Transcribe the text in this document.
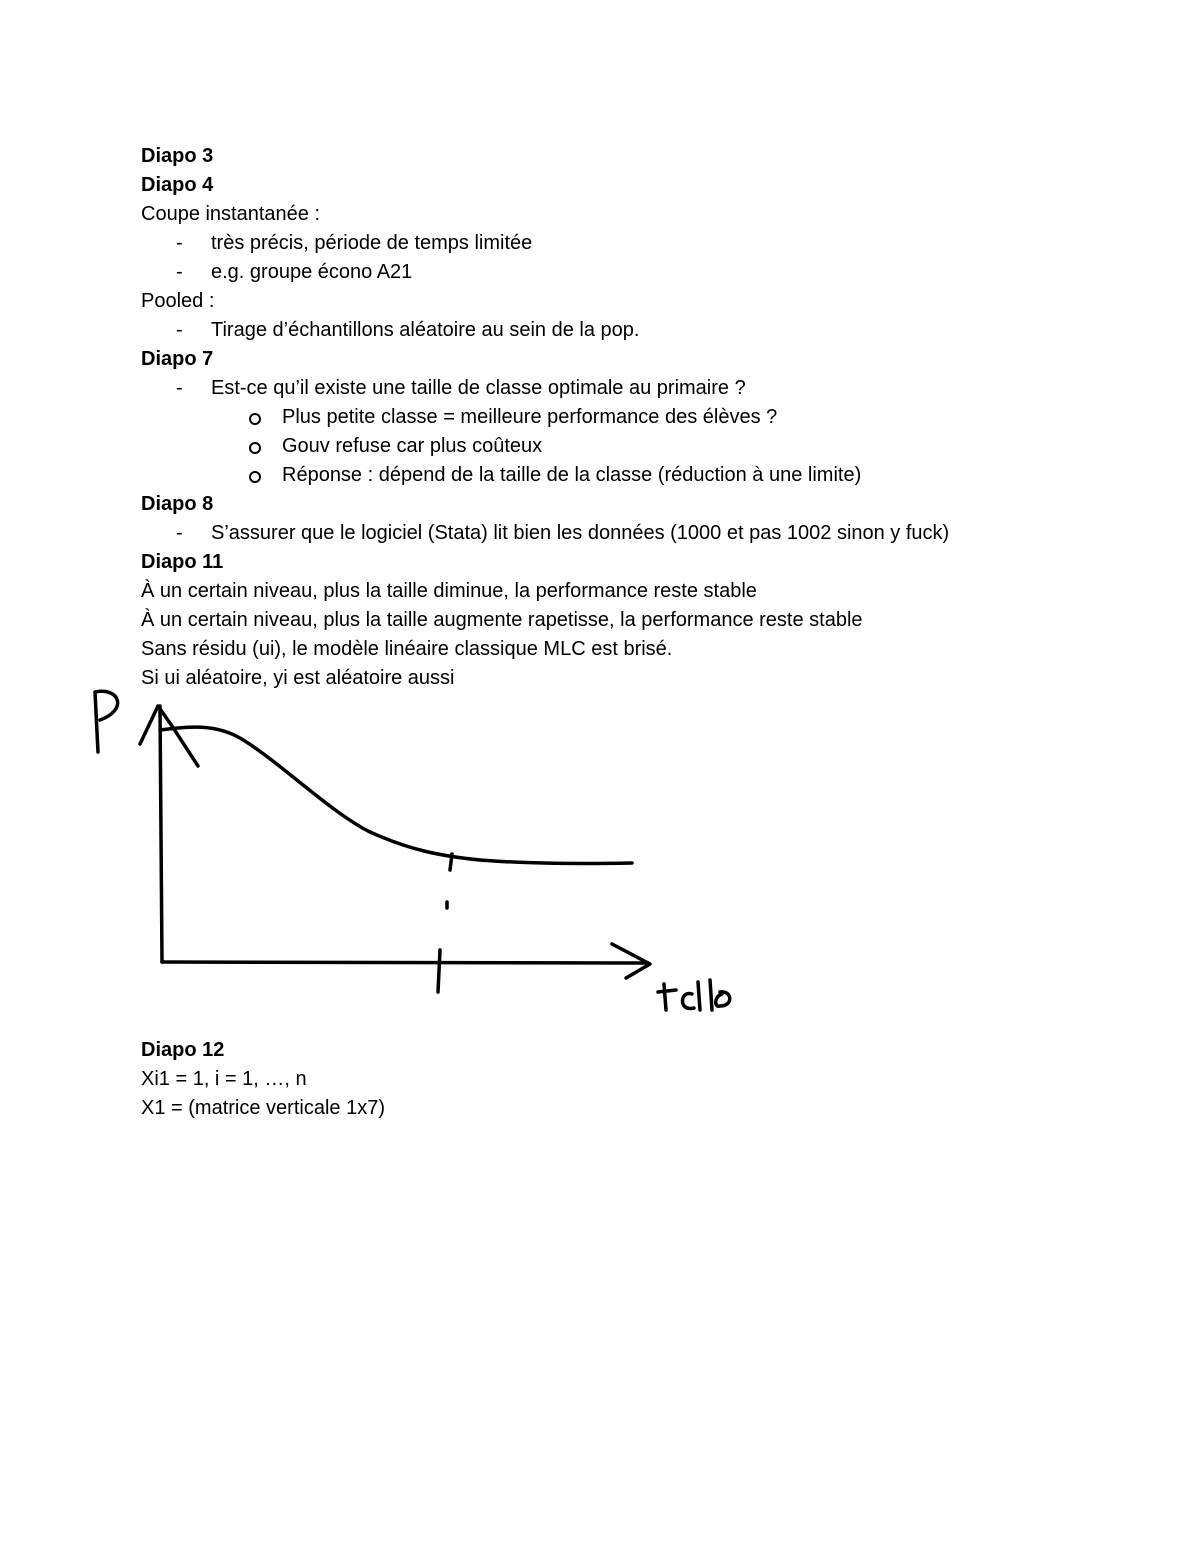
Diapo 3
Diapo 4
Coupe instantanée :
- très précis, période de temps limitée
- e.g. groupe écono A21
Pooled :
- Tirage d’échantillons aléatoire au sein de la pop.
Diapo 7
- Est-ce qu’il existe une taille de classe optimale au primaire ?
Plus petite classe = meilleure performance des élèves ?
Gouv refuse car plus coûteux
Réponse : dépend de la taille de la classe (réduction à une limite)
Diapo 8
- S’assurer que le logiciel (Stata) lit bien les données (1000 et pas 1002 sinon y fuck)
Diapo 11
À un certain niveau, plus la taille diminue, la performance reste stable
À un certain niveau, plus la taille augmente rapetisse, la performance reste stable
Sans résidu (ui), le modèle linéaire classique MLC est brisé.
Si ui aléatoire, yi est aléatoire aussi
Diapo 12
Xi1 = 1, i = 1, …, n
X1 = (matrice verticale 1x7)
